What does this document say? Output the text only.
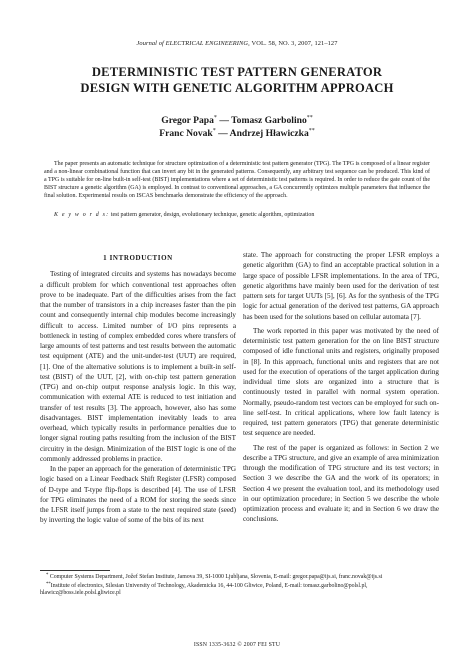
Journal of ELECTRICAL ENGINEERING, VOL. 58, NO. 3, 2007, 121–127
DETERMINISTIC TEST PATTERN GENERATOR
DESIGN WITH GENETIC ALGORITHM APPROACH
Gregor Papa* — Tomasz Garbolino**
Franc Novak* — Andrzej Hławiczka**
The paper presents an automatic technique for structure optimization of a deterministic test pattern generator (TPG). The TPG is composed of a linear register and a non-linear combinational function that can invert any bit in the generated patterns. Consequently, any arbitrary test sequence can be produced. This kind of a TPG is suitable for on-line built-in self-test (BIST) implementations where a set of deterministic test patterns is required. In order to reduce the gate count of the BIST structure a genetic algorithm (GA) is employed. In contrast to conventional approaches, a GA concurrently optimizes multiple parameters that influence the final solution. Experimental results on ISCAS benchmarks demonstrate the efficiency of the approach.
K e y w o r d s: test pattern generator, design, evolutionary technique, genetic algorithm, optimization
1 INTRODUCTION

Testing of integrated circuits and systems has nowadays become a difficult problem for which conventional test approaches often prove to be inadequate. Part of the difficulties arises from the fact that the number of transistors in a chip increases faster than the pin count and consequently internal chip modules become increasingly difficult to access. Limited number of I/O pins represents a bottleneck in testing of complex embedded cores where transfers of large amounts of test patterns and test results between the automatic test equipment (ATE) and the unit-under-test (UUT) are required, [1]. One of the alternative solutions is to implement a built-in self-test (BIST) of the UUT, [2], with on-chip test pattern generation (TPG) and on-chip output response analysis logic. In this way, communication with external ATE is reduced to test initiation and transfer of test results [3]. The approach, however, also has some disadvantages. BIST implementation inevitably leads to area overhead, which typically results in performance penalties due to longer signal routing paths resulting from the inclusion of the BIST circuitry in the design. Minimization of the BIST logic is one of the commonly addressed problems in practice.

In the paper an approach for the generation of deterministic TPG logic based on a Linear Feedback Shift Register (LFSR) composed of D-type and T-type flip-flops is described [4]. The use of LFSR for TPG eliminates the need of a ROM for storing the seeds since the LFSR itself jumps from a state to the next required state (seed) by inverting the logic value of some of the bits of its next

state. The approach for constructing the proper LFSR employs a genetic algorithm (GA) to find an acceptable practical solution in a large space of possible LFSR implementations. In the area of TPG, genetic algorithms have mainly been used for the derivation of test pattern sets for target UUTs [5], [6]. As for the synthesis of the TPG logic for actual generation of the derived test patterns, GA approach has been used for the solutions based on cellular automata [7].

The work reported in this paper was motivated by the need of deterministic test pattern generation for the on line BIST structure composed of idle functional units and registers, originally proposed in [8]. In this approach, functional units and registers that are not used for the execution of operations of the target application during individual time slots are organized into a structure that is continuously tested in parallel with normal system operation. Normally, pseudo-random test vectors can be employed for such on-line self-test. In critical applications, where low fault latency is required, test pattern generators (TPG) that generate deterministic test sequence are needed.

The rest of the paper is organized as follows: in Section 2 we describe a TPG structure, and give an example of area minimization through the modification of TPG structure and its test vectors; in Section 3 we describe the GA and the work of its operators; in Section 4 we present the evaluation tool, and its methodology used in our optimization procedure; in Section 5 we describe the whole optimization process and evaluate it; and in Section 6 we draw the conclusions.

* Computer Systems Department, Jožef Stefan Institute, Jamova 39, SI-1000 Ljubljana, Slovenia, E-mail: gregor.papa@ijs.si, franc.novak@ijs.si

**Institute of electronics, Silesian University of Technology, Akademicka 16, 44-100 Gliwice, Poland, E-mail: tomasz.garbolino@polsl.pl, hlawicz@boss.iele.polsl.gliwice.pl

ISSN 1335-3632 © 2007 FEI STU
